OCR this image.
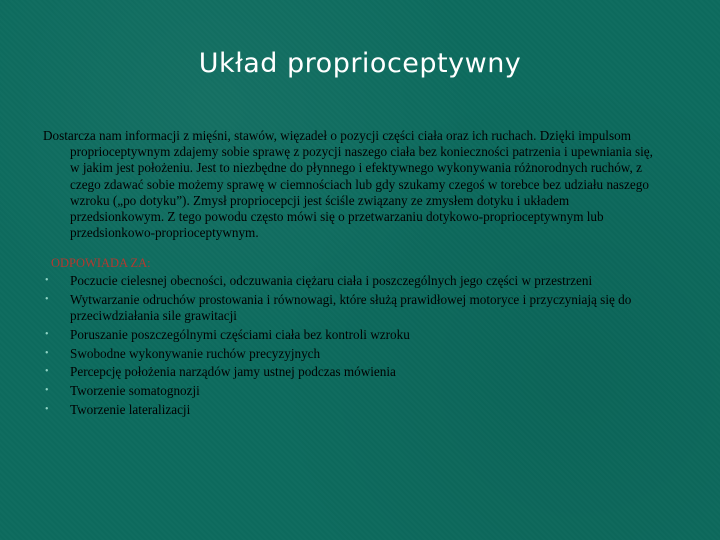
Układ proprioceptywny

Dostarcza nam informacji z mięśni, stawów, więzadeł o pozycji części ciała oraz ich ruchach. Dzięki impulsom proprioceptywnym zdajemy sobie sprawę z pozycji naszego ciała bez konieczności patrzenia i upewniania się, w jakim jest położeniu. Jest to niezbędne do płynnego i efektywnego wykonywania różnorodnych ruchów, z czego zdawać sobie możemy sprawę w ciemnościach lub gdy szukamy czegoś w torebce bez udziału naszego wzroku („po dotyku”). Zmysł propriocepcji jest ściśle związany ze zmysłem dotyku i układem przedsionkowym. Z tego powodu często mówi się o przetwarzaniu dotykowo-proprioceptywnym lub przedsionkowo-proprioceptywnym.

ODPOWIADA ZA:
• Poczucie cielesnej obecności, odczuwania ciężaru ciała i poszczególnych jego części w przestrzeni
• Wytwarzanie odruchów prostowania i równowagi, które służą prawidłowej motoryce i przyczyniają się do przeciwdziałania sile grawitacji
• Poruszanie poszczególnymi częściami ciała bez kontroli wzroku
• Swobodne wykonywanie ruchów precyzyjnych
• Percepcję położenia narządów jamy ustnej podczas mówienia
• Tworzenie somatognozji
• Tworzenie lateralizacji
